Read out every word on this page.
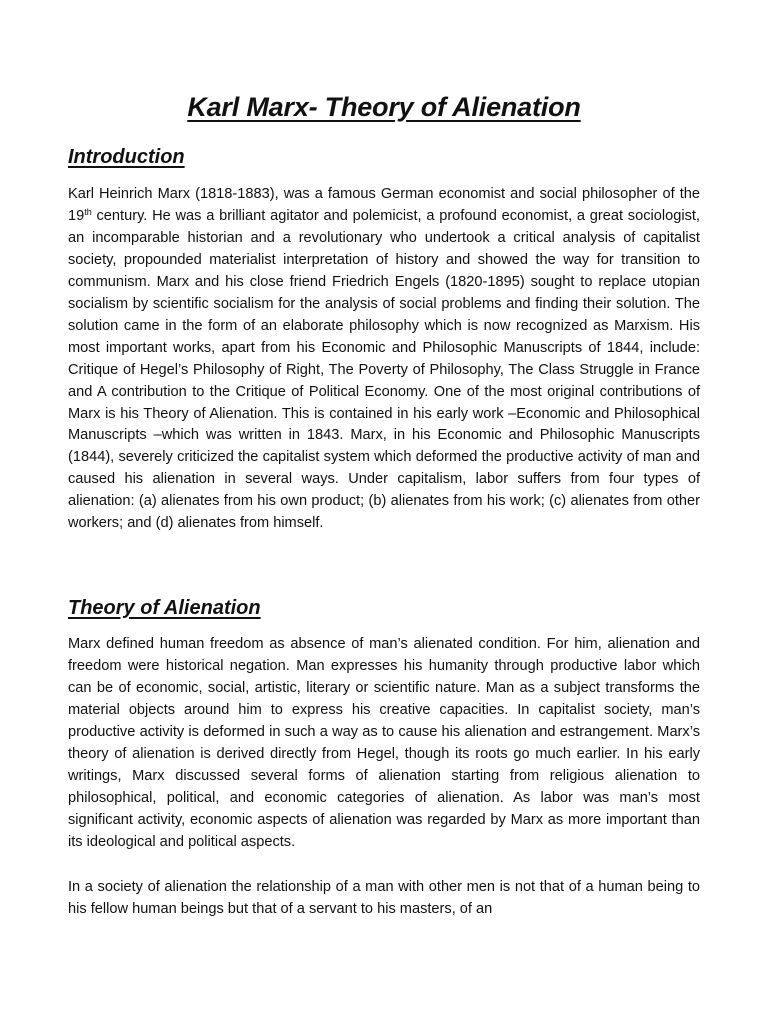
Karl Marx- Theory of Alienation
Introduction

Karl Heinrich Marx (1818-1883), was a famous German economist and social philosopher of the 19th century. He was a brilliant agitator and polemicist, a profound economist, a great sociologist, an incomparable historian and a revolutionary who undertook a critical analysis of capitalist society, propounded materialist interpretation of history and showed the way for transition to communism. Marx and his close friend Friedrich Engels (1820-1895) sought to replace utopian socialism by scientific socialism for the analysis of social problems and finding their solution. The solution came in the form of an elaborate philosophy which is now recognized as Marxism. His most important works, apart from his Economic and Philosophic Manuscripts of 1844, include: Critique of Hegel’s Philosophy of Right, The Poverty of Philosophy, The Class Struggle in France and A contribution to the Critique of Political Economy. One of the most original contributions of Marx is his Theory of Alienation. This is contained in his early work –Economic and Philosophical Manuscripts –which was written in 1843. Marx, in his Economic and Philosophic Manuscripts (1844), severely criticized the capitalist system which deformed the productive activity of man and caused his alienation in several ways. Under capitalism, labor suffers from four types of alienation: (a) alienates from his own product; (b) alienates from his work; (c) alienates from other workers; and (d) alienates from himself.

Theory of Alienation

Marx defined human freedom as absence of man’s alienated condition. For him, alienation and freedom were historical negation. Man expresses his humanity through productive labor which can be of economic, social, artistic, literary or scientific nature. Man as a subject transforms the material objects around him to express his creative capacities. In capitalist society, man’s productive activity is deformed in such a way as to cause his alienation and estrangement. Marx’s theory of alienation is derived directly from Hegel, though its roots go much earlier. In his early writings, Marx discussed several forms of alienation starting from religious alienation to philosophical, political, and economic categories of alienation. As labor was man’s most significant activity, economic aspects of alienation was regarded by Marx as more important than its ideological and political aspects.

In a society of alienation the relationship of a man with other men is not that of a human being to his fellow human beings but that of a servant to his masters, of an
